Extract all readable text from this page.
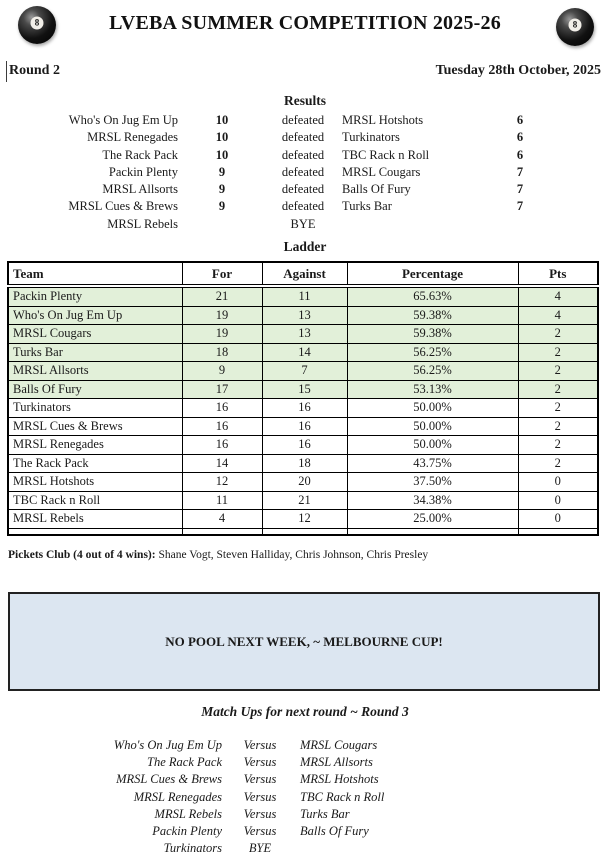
8	8
LVEBA SUMMER COMPETITION 2025-26
Round 2	Tuesday 28th October, 2025
Results
Who's On Jug Em Up	10	defeated	MRSL Hotshots	6
MRSL Renegades	10	defeated	Turkinators	6
The Rack Pack	10	defeated	TBC Rack n Roll	6
Packin Plenty	9	defeated	MRSL Cougars	7
MRSL Allsorts	9	defeated	Balls Of Fury	7
MRSL Cues & Brews	9	defeated	Turks Bar	7
MRSL Rebels	BYE
Ladder
Team	For	Against	Percentage	Pts
Packin Plenty	21	11	65.63%	4
Who's On Jug Em Up	19	13	59.38%	4
MRSL Cougars	19	13	59.38%	2
Turks Bar	18	14	56.25%	2
MRSL Allsorts	9	7	56.25%	2
Balls Of Fury	17	15	53.13%	2
Turkinators	16	16	50.00%	2
MRSL Cues & Brews	16	16	50.00%	2
MRSL Renegades	16	16	50.00%	2
The Rack Pack	14	18	43.75%	2
MRSL Hotshots	12	20	37.50%	0
TBC Rack n Roll	11	21	34.38%	0
MRSL Rebels	4	12	25.00%	0

Pickets Club (4 out of 4 wins): Shane Vogt, Steven Halliday, Chris Johnson, Chris Presley
NO POOL NEXT WEEK, ~ MELBOURNE CUP!
Match Ups for next round ~ Round 3
Who's On Jug Em Up	Versus	MRSL Cougars
The Rack Pack	Versus	MRSL Allsorts
MRSL Cues & Brews	Versus	MRSL Hotshots
MRSL Renegades	Versus	TBC Rack n Roll
MRSL Rebels	Versus	Turks Bar
Packin Plenty	Versus	Balls Of Fury
Turkinators	BYE
